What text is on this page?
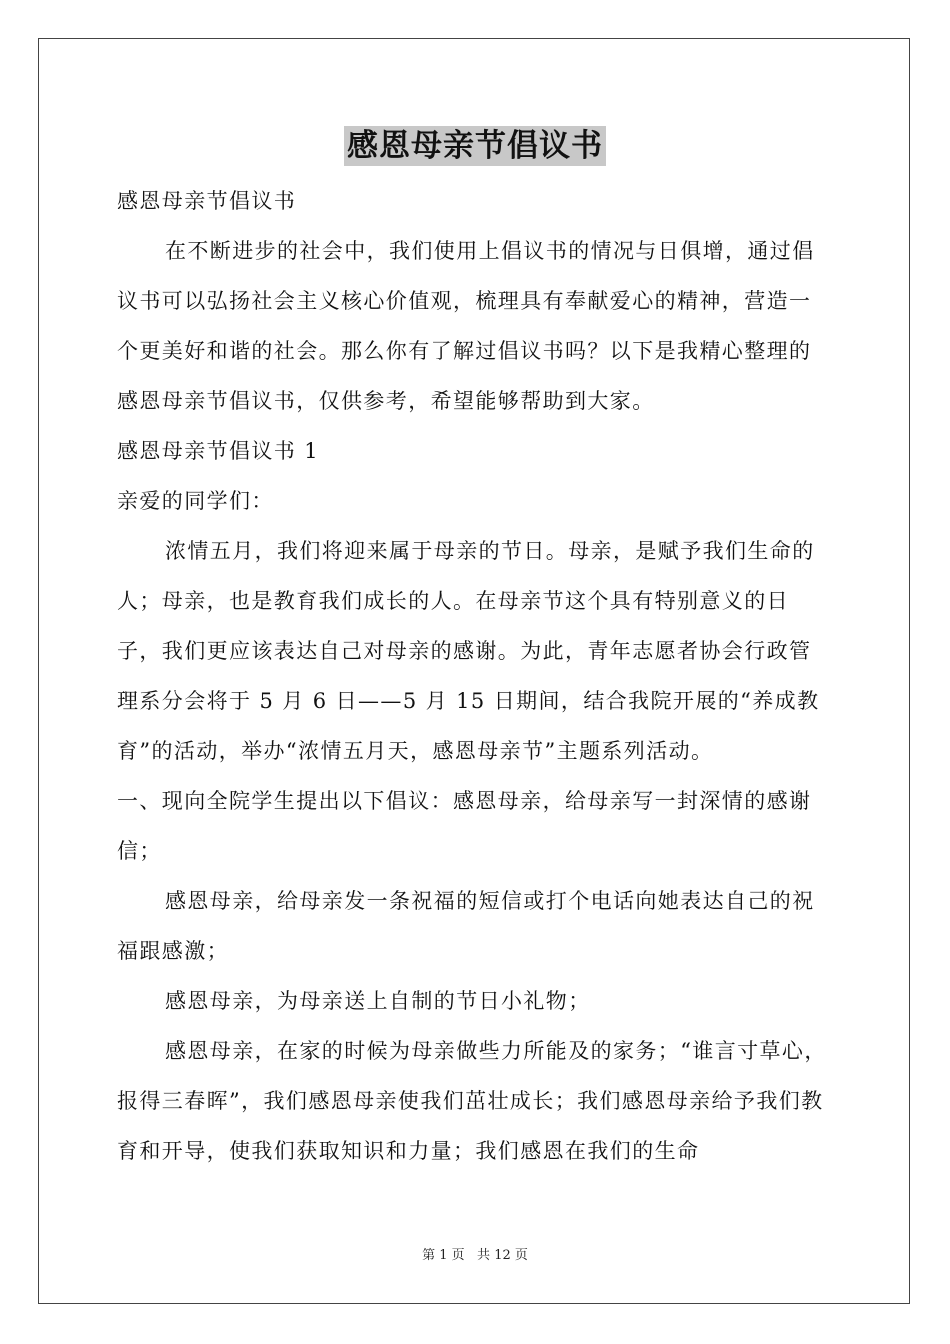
感恩母亲节倡议书

感恩母亲节倡议书

在不断进步的社会中，我们使用上倡议书的情况与日俱增，通过倡议书可以弘扬社会主义核心价值观，梳理具有奉献爱心的精神，营造一个更美好和谐的社会。那么你有了解过倡议书吗？以下是我精心整理的感恩母亲节倡议书，仅供参考，希望能够帮助到大家。

感恩母亲节倡议书 1

亲爱的同学们：

浓情五月，我们将迎来属于母亲的节日。母亲，是赋予我们生命的人；母亲，也是教育我们成长的人。在母亲节这个具有特别意义的日子，我们更应该表达自己对母亲的感谢。为此，青年志愿者协会行政管理系分会将于 5 月 6 日——5 月 15 日期间，结合我院开展的“养成教育”的活动，举办“浓情五月天，感恩母亲节”主题系列活动。

一、现向全院学生提出以下倡议：感恩母亲，给母亲写一封深情的感谢信；

感恩母亲，给母亲发一条祝福的短信或打个电话向她表达自己的祝福跟感激；

感恩母亲，为母亲送上自制的节日小礼物；

感恩母亲，在家的时候为母亲做些力所能及的家务；“谁言寸草心，报得三春晖”，我们感恩母亲使我们茁壮成长；我们感恩母亲给予我们教育和开导，使我们获取知识和力量；我们感恩在我们的生命

第 1 页   共 12 页
